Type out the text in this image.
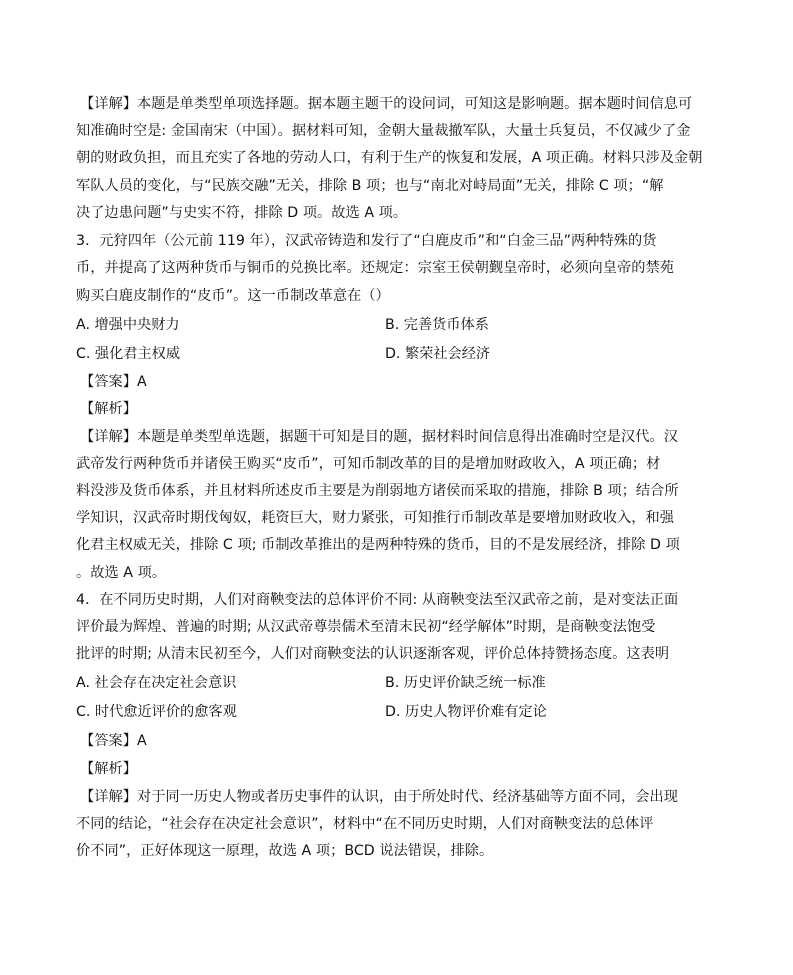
【详解】本题是单类型单项选择题。据本题主题干的设问词，可知这是影响题。据本题时间信息可
知准确时空是: 金国南宋（中国）。据材料可知，金朝大量裁撤军队，大量士兵复员，不仅减少了金
朝的财政负担，而且充实了各地的劳动人口，有利于生产的恢复和发展，A 项正确。材料只涉及金朝
军队人员的变化，与“民族交融”无关，排除 B 项；也与“南北对峙局面”无关，排除 C 项；“解
决了边患问题”与史实不符，排除 D 项。故选 A 项。
3．元狩四年（公元前 119 年），汉武帝铸造和发行了“白鹿皮币”和“白金三品”两种特殊的货
币，并提高了这两种货币与铜币的兑换比率。还规定：宗室王侯朝觐皇帝时，必须向皇帝的禁苑
购买白鹿皮制作的“皮币”。这一币制改革意在（）
A. 增强中央财力	B. 完善货币体系
C. 强化君主权威	D. 繁荣社会经济
【答案】A
【解析】
【详解】本题是单类型单选题，据题干可知是目的题，据材料时间信息得出准确时空是汉代。汉
武帝发行两种货币并诸侯王购买“皮币”，可知币制改革的目的是增加财政收入，A 项正确；材
料没涉及货币体系，并且材料所述皮币主要是为削弱地方诸侯而采取的措施，排除 B 项；结合所
学知识，汉武帝时期伐匈奴，耗资巨大，财力紧张，可知推行币制改革是要增加财政收入，和强
化君主权威无关，排除 C 项; 币制改革推出的是两种特殊的货币，目的不是发展经济，排除 D 项
。故选 A 项。
4．在不同历史时期，人们对商鞅变法的总体评价不同: 从商鞅变法至汉武帝之前，是对变法正面
评价最为辉煌、普遍的时期; 从汉武帝尊崇儒术至清末民初“经学解体”时期，是商鞅变法饱受
批评的时期; 从清末民初至今，人们对商鞅变法的认识逐渐客观，评价总体持赞扬态度。这表明
A. 社会存在决定社会意识	B. 历史评价缺乏统一标准
C. 时代愈近评价的愈客观	D. 历史人物评价难有定论
【答案】A
【解析】
【详解】对于同一历史人物或者历史事件的认识，由于所处时代、经济基础等方面不同，会出现
不同的结论，“社会存在决定社会意识”，材料中“在不同历史时期，人们对商鞅变法的总体评
价不同”，正好体现这一原理，故选 A 项；BCD 说法错误，排除。
